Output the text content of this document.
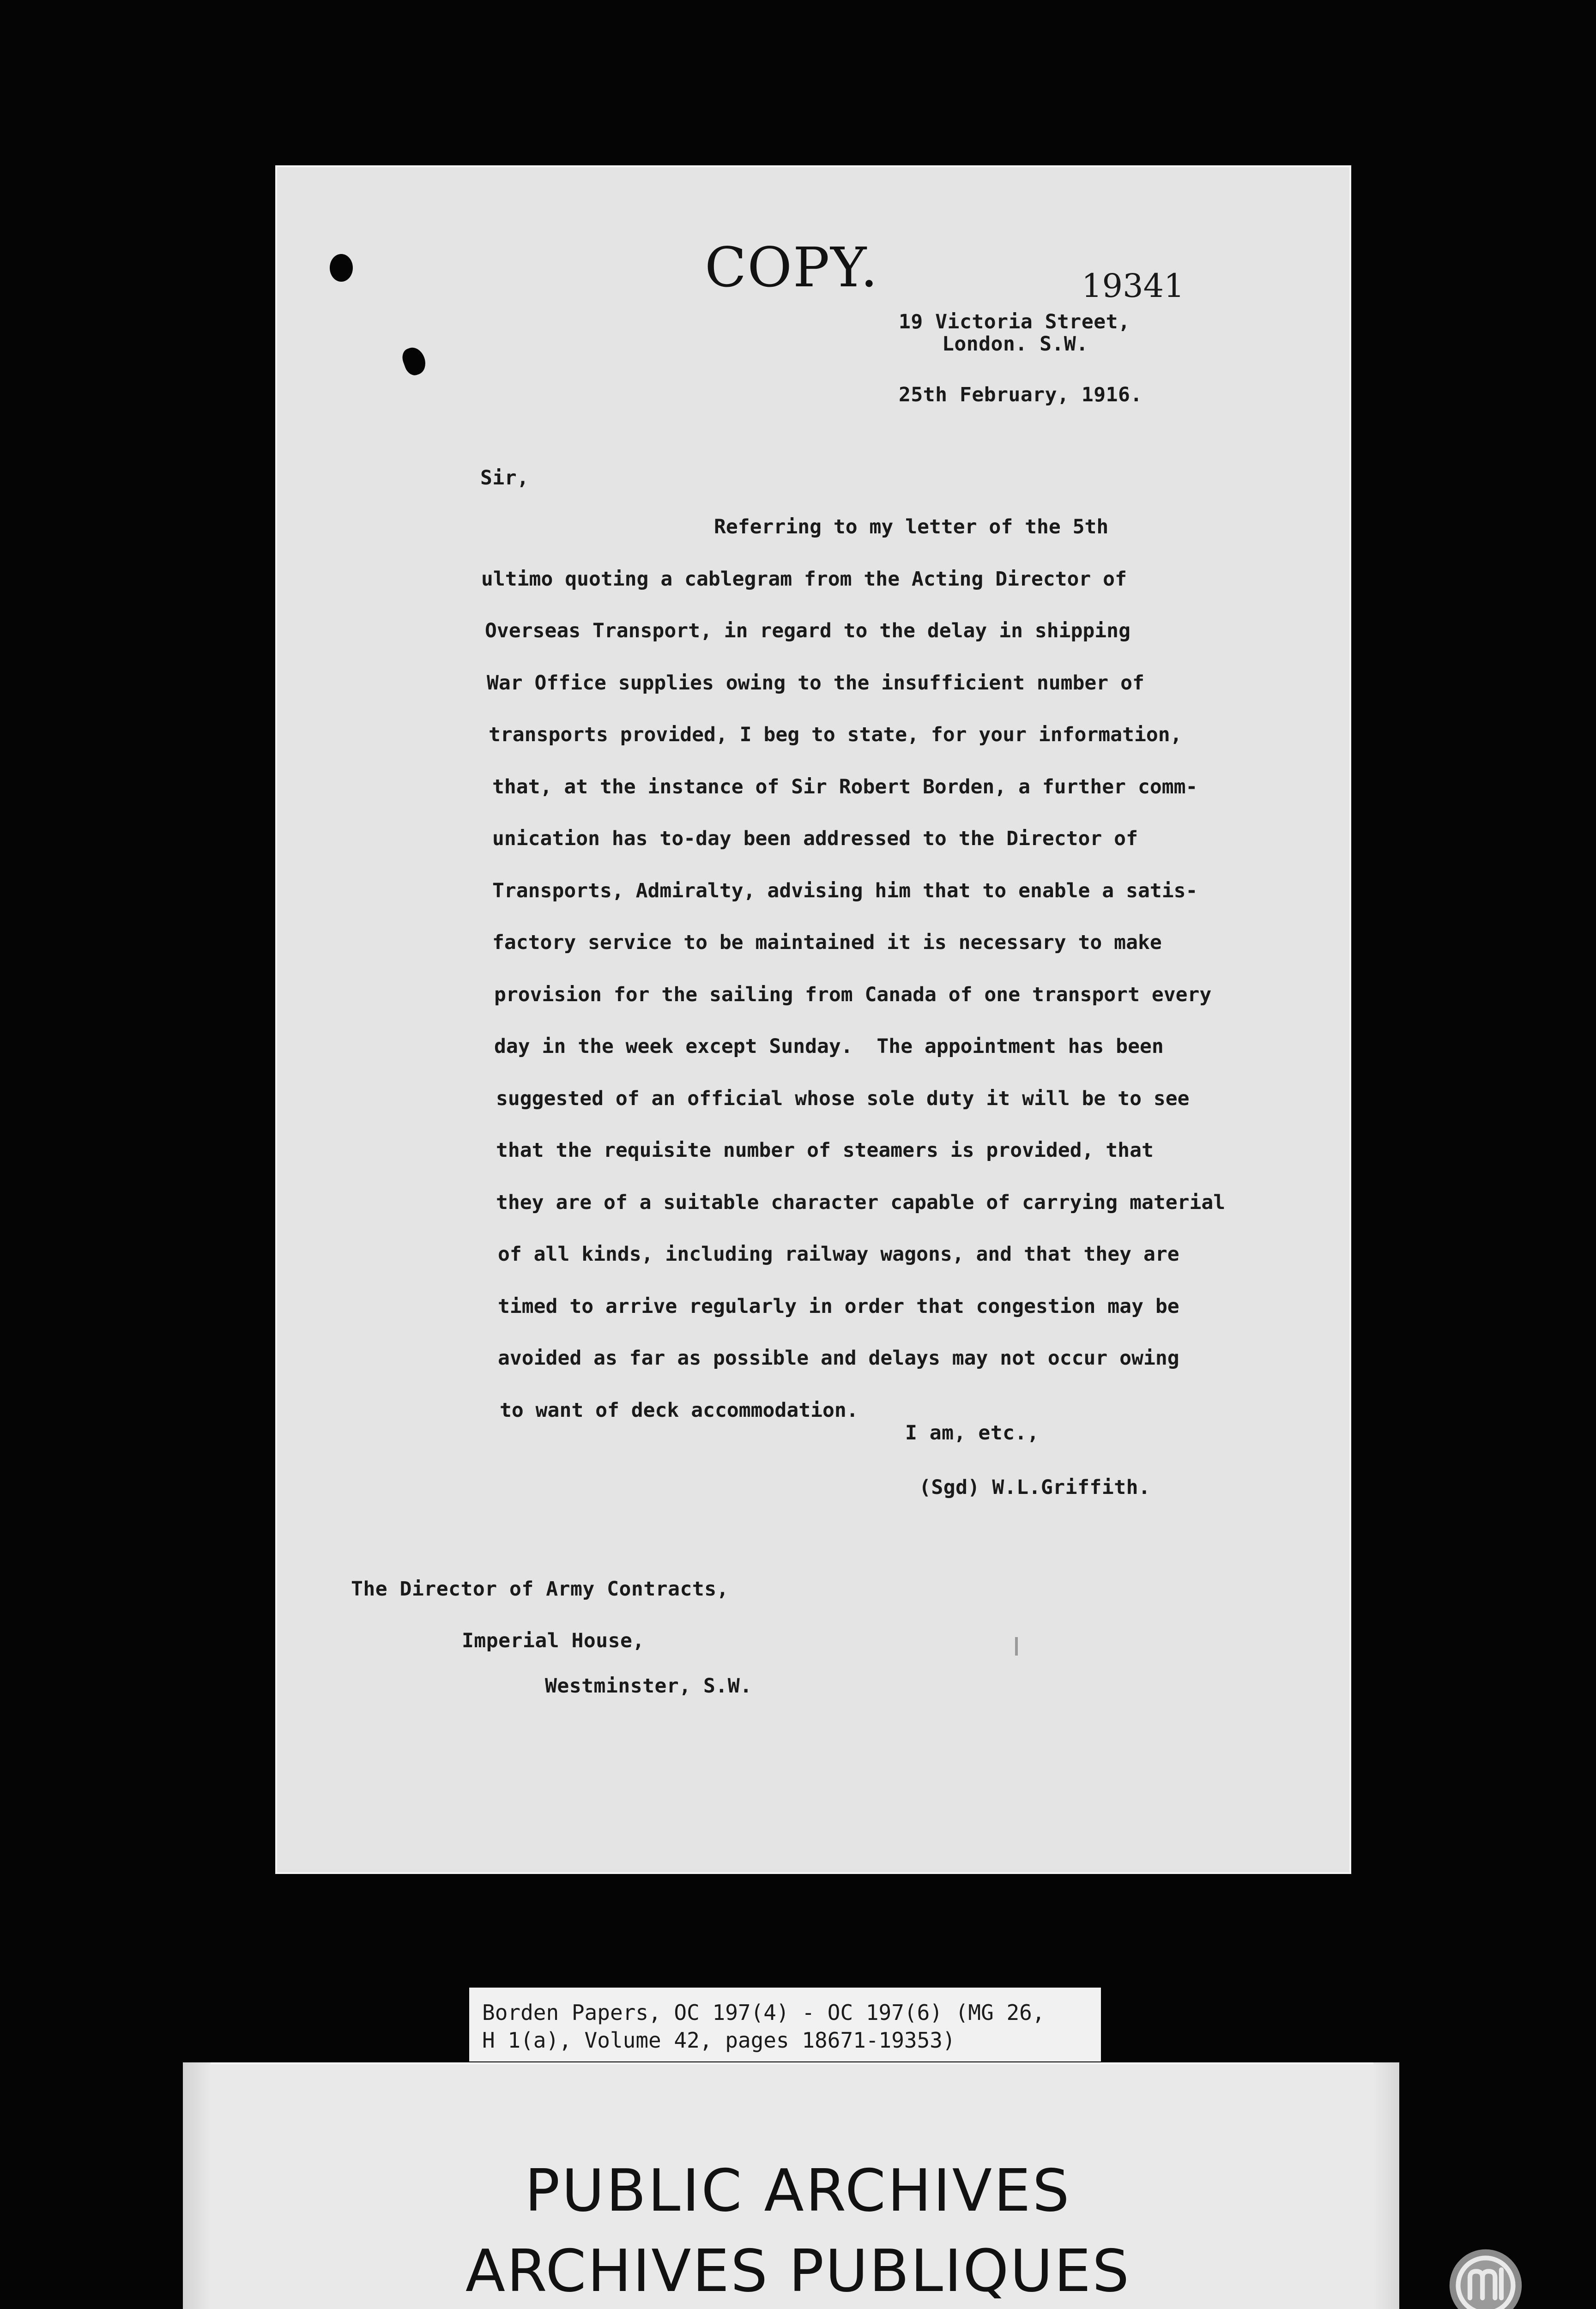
COPY.	19341
19 Victoria Street,
London. S.W.
25th February, 1916.
Sir,
Referring to my letter of the 5th
ultimo quoting a cablegram from the Acting Director of
Overseas Transport, in regard to the delay in shipping
War Office supplies owing to the insufficient number of
transports provided, I beg to state, for your information,
that, at the instance of Sir Robert Borden, a further comm-
unication has to-day been addressed to the Director of
Transports, Admiralty, advising him that to enable a satis-
factory service to be maintained it is necessary to make
provision for the sailing from Canada of one transport every
day in the week except Sunday.  The appointment has been
suggested of an official whose sole duty it will be to see
that the requisite number of steamers is provided, that
they are of a suitable character capable of carrying material
of all kinds, including railway wagons, and that they are
timed to arrive regularly in order that congestion may be
avoided as far as possible and delays may not occur owing
to want of deck accommodation.
I am, etc.,
(Sgd) W.L.Griffith.
The Director of Army Contracts,
Imperial House,
Westminster, S.W.
Borden Papers, OC 197(4) - OC 197(6) (MG 26,
H 1(a), Volume 42, pages 18671-19353)
PUBLIC ARCHIVES
ARCHIVES PUBLIQUES
